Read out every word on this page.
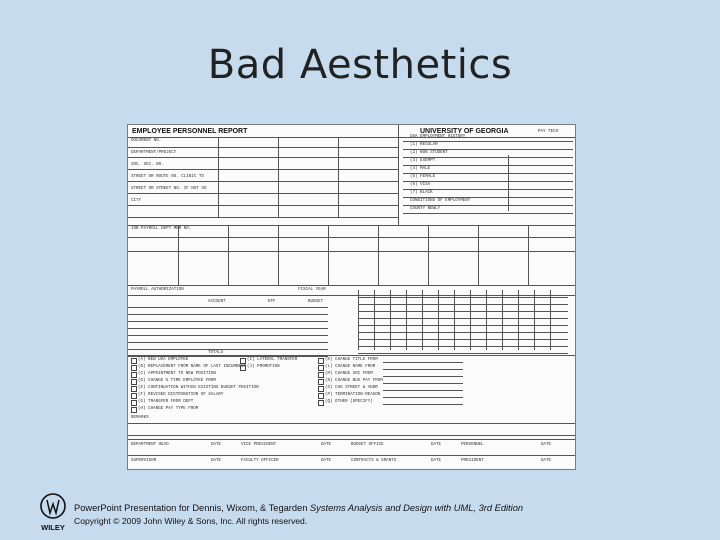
Bad Aesthetics
EMPLOYEE PERSONNEL REPORT	UNIVERSITY OF GEORGIA	PAY TECH
DOCUMENT NO.
DEPARTMENT/PROJECT
SOC. SEC. NO.
STREET OR ROUTE NO. CLINIC TO
STREET OR STREET NO. IF NOT SO
CITY
USA EMPLOYMENT HISTORY
(1) REGULAR
(2) NON STUDENT
(3) EXEMPT
(4) MALE
(5) FEMALE
(6) VISA
(7) BLACK
CONDITIONS OF EMPLOYMENT
COUNTY NEWLY
JOB PAYROLL DEPT MBR NO.
PAYROLL AUTHORIZATION	FISCAL YEAR
ACCOUNT	EFF	BUDGET
TOTALS
(A) NEW USA EMPLOYEE
(B) REPLACEMENT FROM NAME OF LAST INCUMBENT
(C) APPOINTMENT TO NEW POSITION
(D) CHANGE % TIME EMPLOYEE FROM
(E) CONTINUATION WITHIN EXISTING BUDGET POSITION
(F) REVISED DISTRIBUTION OF SALARY
(G) TRANSFER FROM DEPT
(H) CHANGE PAY TYPE FROM
(I) LATERAL TRANSFER
(J) PROMOTION
(K) CHANGE TITLE FROM
(L) CHANGE NAME FROM
(M) CHANGE SOC FROM
(N) CHANGE BUS PAY FROM
(O) CHG STREET & ADDR
(P) TERMINATION-REASON
(Q) OTHER (SPECIFY)
REMARKS
DEPARTMENT HEAD	DATE	VICE PRESIDENT	DATE	BUDGET OFFICE	DATE	PERSONNEL	DATE
SUPERVISOR	DATE	FACULTY OFFICER	DATE	CONTRACTS & GRANTS	DATE	PRESIDENT	DATE
WILEY
PowerPoint Presentation for Dennis, Wixom, & Tegarden Systems Analysis and Design with UML, 3rd Edition
Copyright © 2009 John Wiley & Sons, Inc. All rights reserved.
